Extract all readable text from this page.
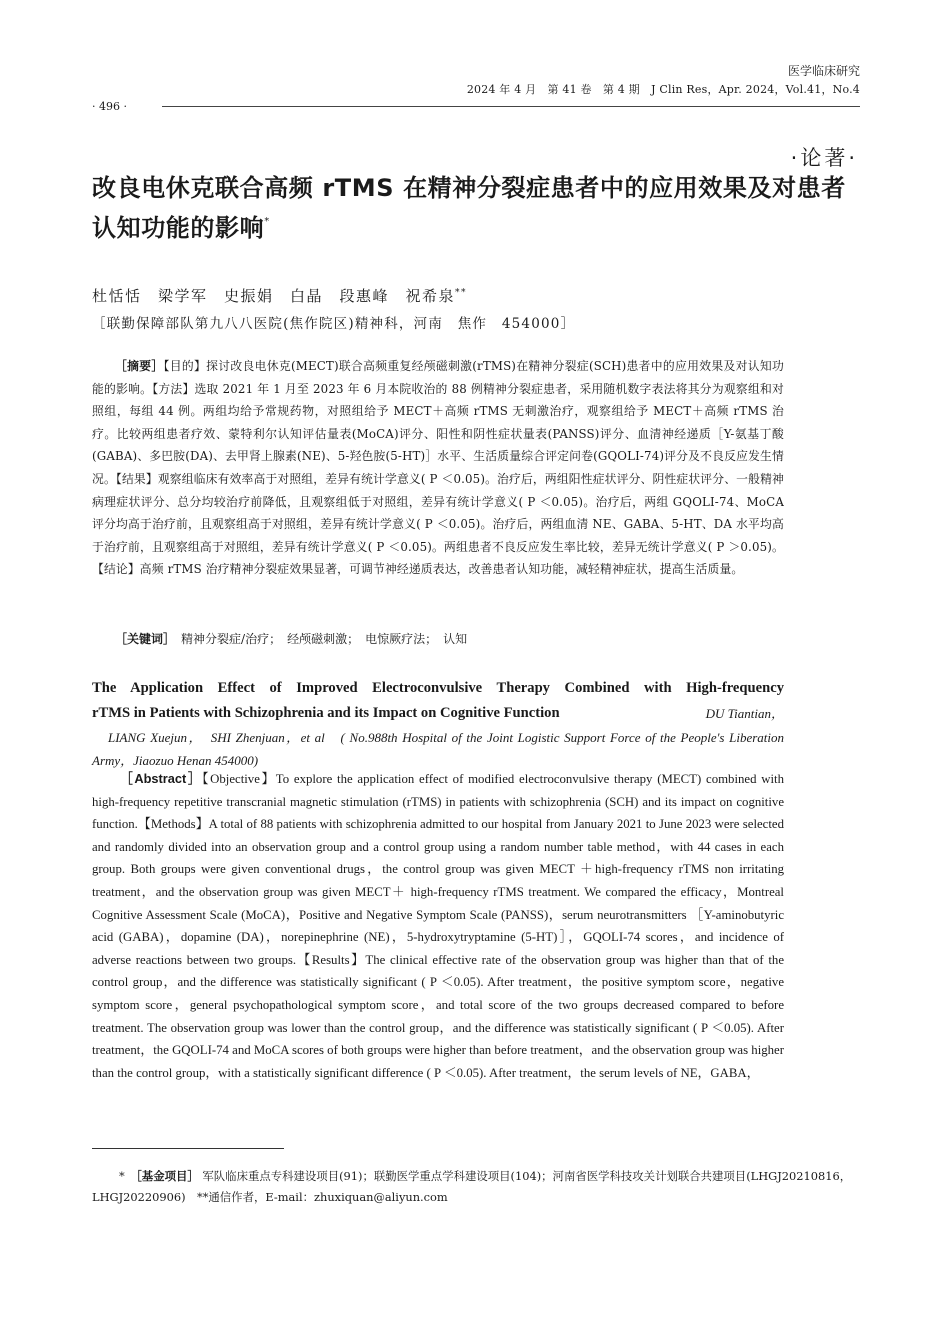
医学临床研究
2024 年 4 月　第 41 卷　第 4 期　J Clin Res，Apr. 2024，Vol.41，No.4
· 496 ·
·论著·
改良电休克联合高频 rTMS 在精神分裂症患者中的应用效果及对患者认知功能的影响*
杜恬恬　梁学军　史振娟　白晶　段惠峰　祝希泉**
［联勤保障部队第九八八医院(焦作院区)精神科，河南　焦作　454000］
［摘要］【目的】探讨改良电休克(MECT)联合高频重复经颅磁刺激(rTMS)在精神分裂症(SCH)患者中的应用效果及对认知功能的影响。【方法】选取 2021 年 1 月至 2023 年 6 月本院收治的 88 例精神分裂症患者，采用随机数字表法将其分为观察组和对照组，每组 44 例。两组均给予常规药物，对照组给予 MECT＋高频 rTMS 无刺激治疗，观察组给予 MECT＋高频 rTMS 治疗。比较两组患者疗效、蒙特利尔认知评估量表(MoCA)评分、阳性和阴性症状量表(PANSS)评分、血清神经递质［Y-氨基丁酸(GABA)、多巴胺(DA)、去甲肾上腺素(NE)、5-羟色胺(5-HT)］水平、生活质量综合评定问卷(GQOLI-74)评分及不良反应发生情况。【结果】观察组临床有效率高于对照组，差异有统计学意义( P ＜0.05)。治疗后，两组阳性症状评分、阴性症状评分、一般精神病理症状评分、总分均较治疗前降低，且观察组低于对照组，差异有统计学意义( P ＜0.05)。治疗后，两组 GQOLI-74、MoCA 评分均高于治疗前，且观察组高于对照组，差异有统计学意义( P ＜0.05)。治疗后，两组血清 NE、GABA、5-HT、DA 水平均高于治疗前，且观察组高于对照组，差异有统计学意义( P ＜0.05)。两组患者不良反应发生率比较，差异无统计学意义( P ＞0.05)。【结论】高频 rTMS 治疗精神分裂症效果显著，可调节神经递质表达，改善患者认知功能，减轻精神症状，提高生活质量。
［关键词］　 精神分裂症/治疗；　经颅磁刺激；　电惊厥疗法；　认知
The Application Effect of Improved Electroconvulsive Therapy Combined with High-frequency
DU Tiantian，
rTMS in Patients with Schizophrenia and its Impact on Cognitive Function
LIANG Xuejun，　SHI Zhenjuan，et al　( No.988th Hospital of the Joint Logistic Support Force of the People's Liberation Army，Jiaozuo Henan 454000)
［Abstract］【Objective】To explore the application effect of modified electroconvulsive therapy (MECT) combined with high-frequency repetitive transcranial magnetic stimulation (rTMS) in patients with schizophrenia (SCH) and its impact on cognitive function.【Methods】A total of 88 patients with schizophrenia admitted to our hospital from January 2021 to June 2023 were selected and randomly divided into an observation group and a control group using a random number table method，with 44 cases in each group. Both groups were given conventional drugs，the control group was given MECT ＋high-frequency rTMS non irritating treatment，and the observation group was given MECT＋ high-frequency rTMS treatment. We compared the efficacy，Montreal Cognitive Assessment Scale (MoCA)，Positive and Negative Symptom Scale (PANSS)，serum neurotransmitters ［Y-aminobutyric acid (GABA)，dopamine (DA)，norepinephrine (NE)，5-hydroxytryptamine (5-HT)］，GQOLI-74 scores，and incidence of adverse reactions between two groups.【Results】The clinical effective rate of the observation group was higher than that of the control group，and the difference was statistically significant ( P ＜0.05). After treatment，the positive symptom score，negative symptom score，general psychopathological symptom score，and total score of the two groups decreased compared to before treatment. The observation group was lower than the control group，and the difference was statistically significant ( P ＜0.05). After treatment，the GQOLI-74 and MoCA scores of both groups were higher than before treatment，and the observation group was higher than the control group，with a statistically significant difference ( P ＜0.05). After treatment，the serum levels of NE，GABA，
*　 ［基金项目］ 军队临床重点专科建设项目(91)；联勤医学重点学科建设项目(104)；河南省医学科技攻关计划联合共建项目(LHGJ20210816，LHGJ20220906)　 **通信作者，E-mail：zhuxiquan@aliyun.com
